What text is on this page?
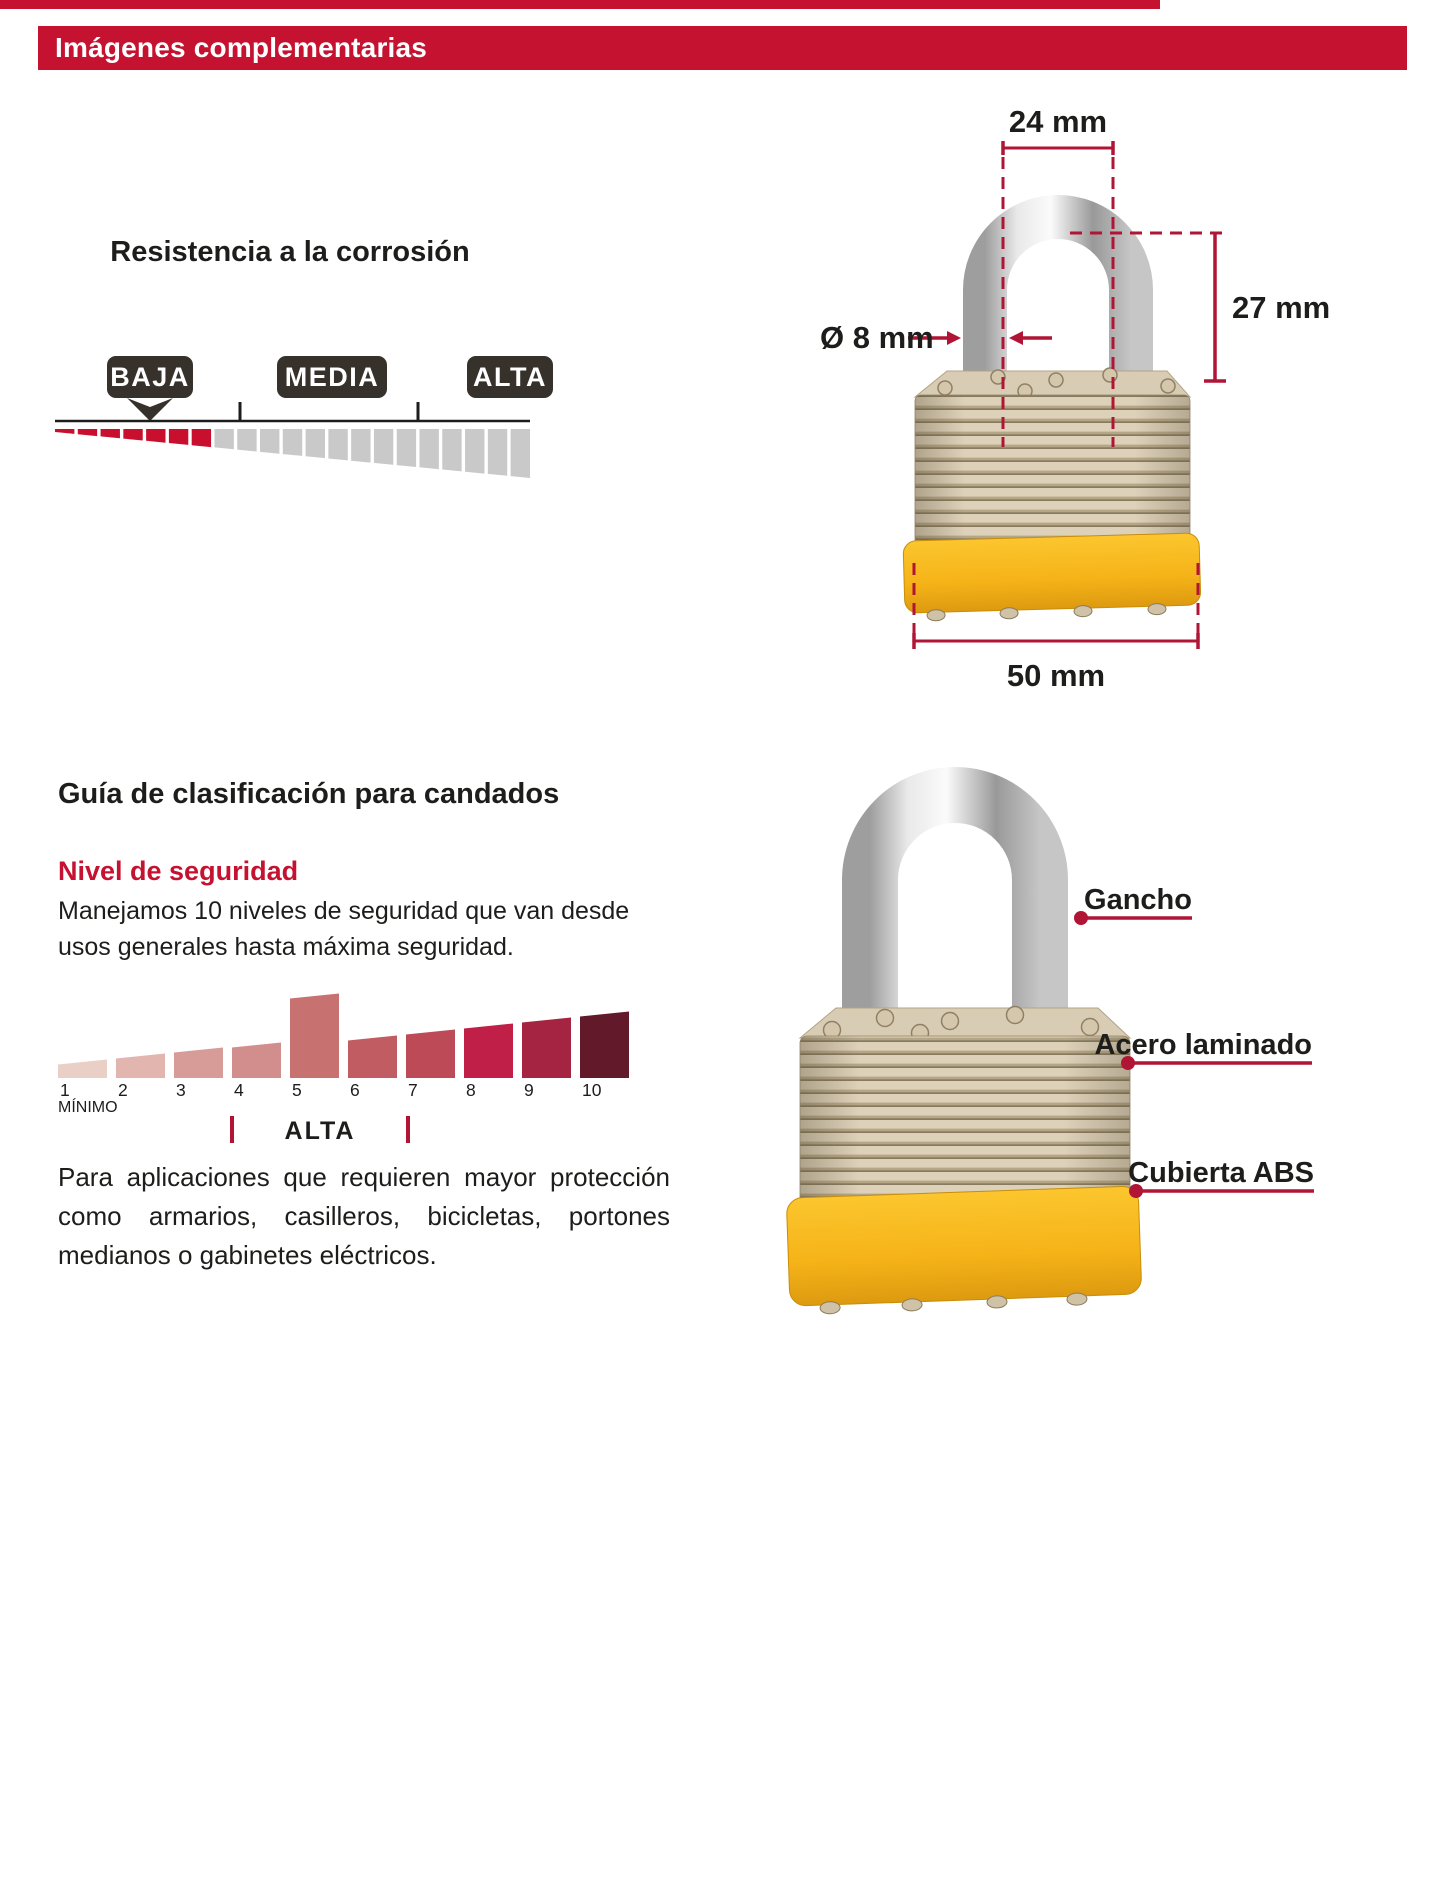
Imágenes complementarias
Resistencia a la corrosión
BAJA	MEDIA	ALTA
24 mm
27 mm
Ø 8 mm
50 mm
Guía de clasificación para candados
Nivel de seguridad
Manejamos 10 niveles de seguridad que van desde usos generales hasta máxima seguridad.
1	2	3	4	5	6	7	8	9	10
MÍNIMO
ALTA
Para aplicaciones que requieren mayor protección como armarios, casilleros, bicicletas, portones medianos o gabinetes eléctricos.
Gancho
Acero laminado
Cubierta ABS
